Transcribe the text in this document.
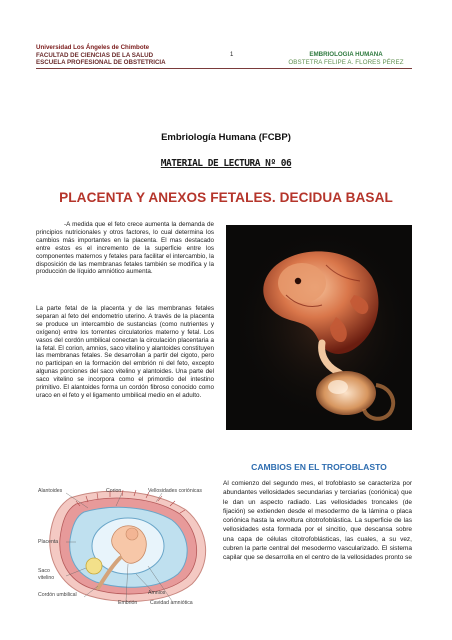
Universidad Los Ángeles de Chimbote
FACULTAD DE CIENCIAS DE LA SALUD
ESCUELA PROFESIONAL DE OBSTETRICIA
1	EMBRIOLOGIA HUMANA
OBSTETRA FELIPE A. FLORES PÉREZ
Embriología Humana (FCBP)
MATERIAL DE LECTURA Nº 06
PLACENTA Y ANEXOS FETALES. DECIDUA BASAL
-A medida que el feto crece aumenta la demanda de principios nutricionales y otros factores, lo cual determina los cambios más importantes en la placenta. El mas destacado entre estos es el incremento de la superficie entre los componentes maternos y fetales para facilitar el intercambio, la disposición de las membranas fetales también se modifica y la producción de líquido amniótico aumenta.
La parte fetal de la placenta y de las membranas fetales separan al feto del endometrio uterino. A través de la placenta se produce un intercambio de sustancias (como nutrientes y oxígeno) entre los torrentes circulatorios materno y fetal. Los vasos del cordón umbilical conectan la circulación placentaria a la fetal. El corion, amnios, saco vitelino y alantoides constituyen las membranas fetales. Se desarrollan a partir del cigoto, pero no participan en la formación del embrión ni del feto, excepto algunas porciones del saco vitelino y alantoides. Una parte del saco vitelino se incorpora como el primordio del intestino primitivo. El alantoides forma un cordón fibroso conocido como uraco en el feto y el ligamento umbilical medio en el adulto.
CAMBIOS EN EL TROFOBLASTO
Al comienzo del segundo mes, el trofoblasto se caracteriza por abundantes vellosidades secundarias y terciarias (coriónica) que le dan un aspecto radiado. Las vellosidades troncales (de fijación) se extienden desde el mesodermo de la lámina o placa coriónica hasta la envoltura citotrofoblástica. La superficie de las vellosidades esta formada por el sincitio, que descansa sobre una capa de células citotrofoblásticas, las cuales, a su vez, cubren la parte central del mesodermo vascularizado. El sistema capilar que se desarrolla en el centro de la vellosidades pronto se
Alantoides	Corion	Vellosidades coriónicas
Placenta
Saco
vitelino
Cordón umbilical	Amnios
Embrión Cavidad amniótica
